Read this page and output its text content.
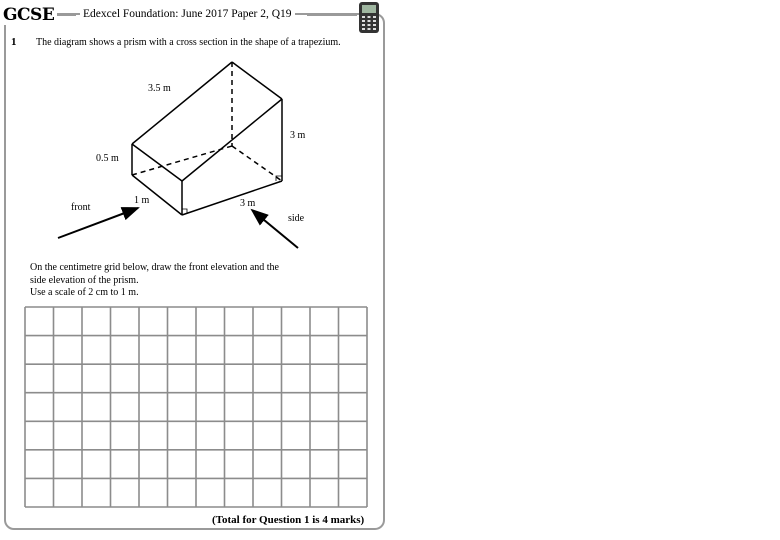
GCSE Edexcel Foundation: June 2017 Paper 2, Q19
1 The diagram shows a prism with a cross section in the shape of a trapezium.
3.5 m
3 m
0.5 m
1 m	3 m
front
side
On the centimetre grid below, draw the front elevation and the
side elevation of the prism.
Use a scale of 2 cm to 1 m.
(Total for Question 1 is 4 marks)
